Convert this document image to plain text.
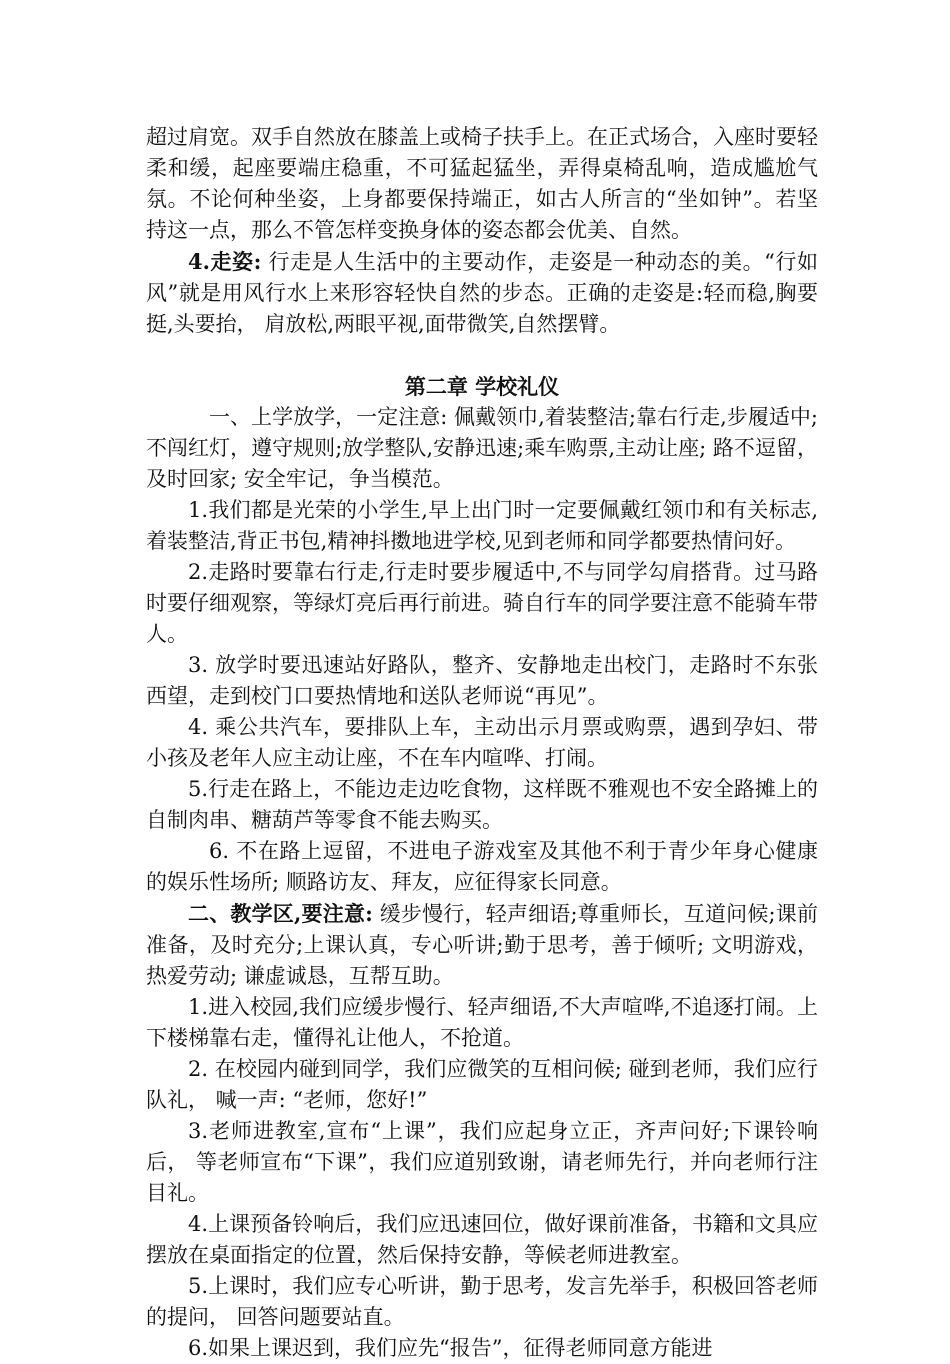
超过肩宽。双手自然放在膝盖上或椅子扶手上。在正式场合，入座时要轻柔和缓，起座要端庄稳重，不可猛起猛坐，弄得桌椅乱响，造成尴尬气氛。不论何种坐姿，上身都要保持端正，如古人所言的“坐如钟”。若坚持这一点，那么不管怎样变换身体的姿态都会优美、自然。

4.走姿: 行走是人生活中的主要动作，走姿是一种动态的美。“行如风”就是用风行水上来形容轻快自然的步态。正确的走姿是:轻而稳,胸要挺,头要抬， 肩放松,两眼平视,面带微笑,自然摆臂。

第二章 学校礼仪

一、上学放学，一定注意: 佩戴领巾,着装整洁;靠右行走,步履适中;不闯红灯，遵守规则;放学整队,安静迅速;乘车购票,主动让座; 路不逗留，及时回家; 安全牢记，争当模范。

1.我们都是光荣的小学生,早上出门时一定要佩戴红领巾和有关标志,着装整洁,背正书包,精神抖擞地进学校,见到老师和同学都要热情问好。

2.走路时要靠右行走,行走时要步履适中,不与同学勾肩搭背。过马路时要仔细观察，等绿灯亮后再行前进。骑自行车的同学要注意不能骑车带人。

3. 放学时要迅速站好路队，整齐、安静地走出校门，走路时不东张西望，走到校门口要热情地和送队老师说“再见”。

4. 乘公共汽车，要排队上车，主动出示月票或购票，遇到孕妇、带小孩及老年人应主动让座，不在车内喧哗、打闹。

5.行走在路上，不能边走边吃食物，这样既不雅观也不安全路摊上的自制肉串、糖葫芦等零食不能去购买。

6. 不在路上逗留，不进电子游戏室及其他不利于青少年身心健康的娱乐性场所; 顺路访友、拜友，应征得家长同意。

二、教学区,要注意: 缓步慢行，轻声细语;尊重师长，互道问候;课前准备，及时充分;上课认真，专心听讲;勤于思考，善于倾听; 文明游戏，热爱劳动; 谦虚诚恳，互帮互助。

1.进入校园,我们应缓步慢行、轻声细语,不大声喧哗,不追逐打闹。上下楼梯靠右走，懂得礼让他人，不抢道。

2. 在校园内碰到同学，我们应微笑的互相问候; 碰到老师，我们应行队礼， 喊一声: “老师，您好!”

3.老师进教室,宣布“上课”，我们应起身立正，齐声问好;下课铃响后， 等老师宣布“下课”，我们应道别致谢，请老师先行，并向老师行注目礼。

4.上课预备铃响后，我们应迅速回位，做好课前准备，书籍和文具应摆放在桌面指定的位置，然后保持安静，等候老师进教室。

5.上课时，我们应专心听讲，勤于思考，发言先举手，积极回答老师的提问， 回答问题要站直。

6.如果上课迟到，我们应先“报告”，征得老师同意方能进
